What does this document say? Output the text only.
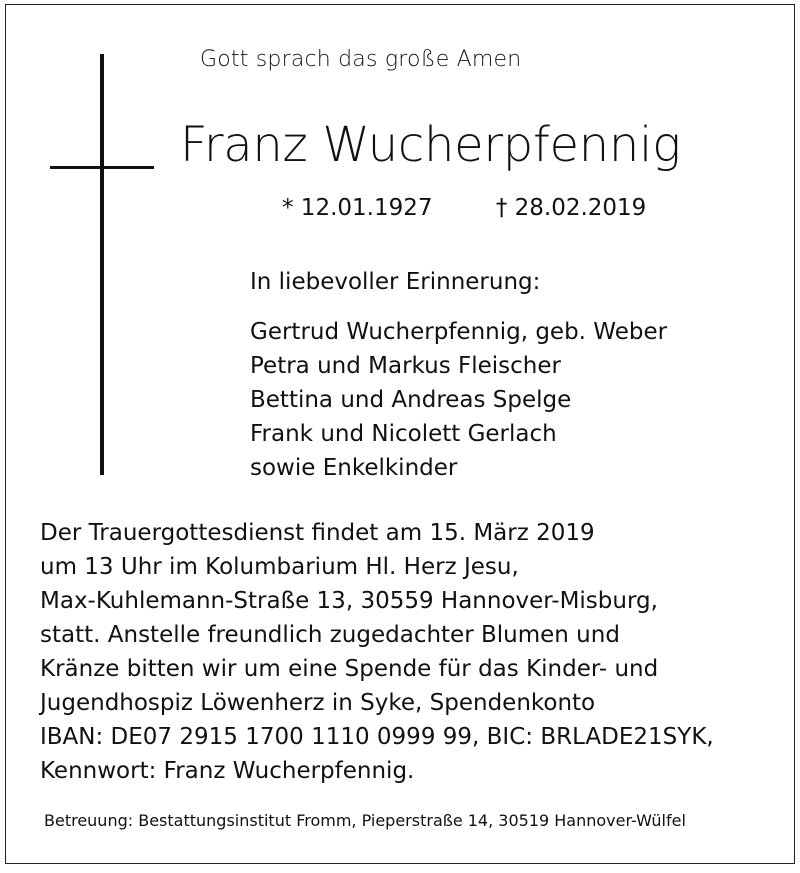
Gott sprach das große Amen
Franz Wucherpfennig
* 12.01.1927	† 28.02.2019
In liebevoller Erinnerung:
Gertrud Wucherpfennig, geb. Weber
Petra und Markus Fleischer
Bettina und Andreas Spelge
Frank und Nicolett Gerlach
sowie Enkelkinder
Der Trauergottesdienst findet am 15. März 2019
um 13 Uhr im Kolumbarium Hl. Herz Jesu,
Max-Kuhlemann-Straße 13, 30559 Hannover-Misburg,
statt. Anstelle freundlich zugedachter Blumen und
Kränze bitten wir um eine Spende für das Kinder- und
Jugendhospiz Löwenherz in Syke, Spendenkonto
IBAN: DE07 2915 1700 1110 0999 99, BIC: BRLADE21SYK,
Kennwort: Franz Wucherpfennig.
Betreuung: Bestattungsinstitut Fromm, Pieperstraße 14, 30519 Hannover-Wülfel
